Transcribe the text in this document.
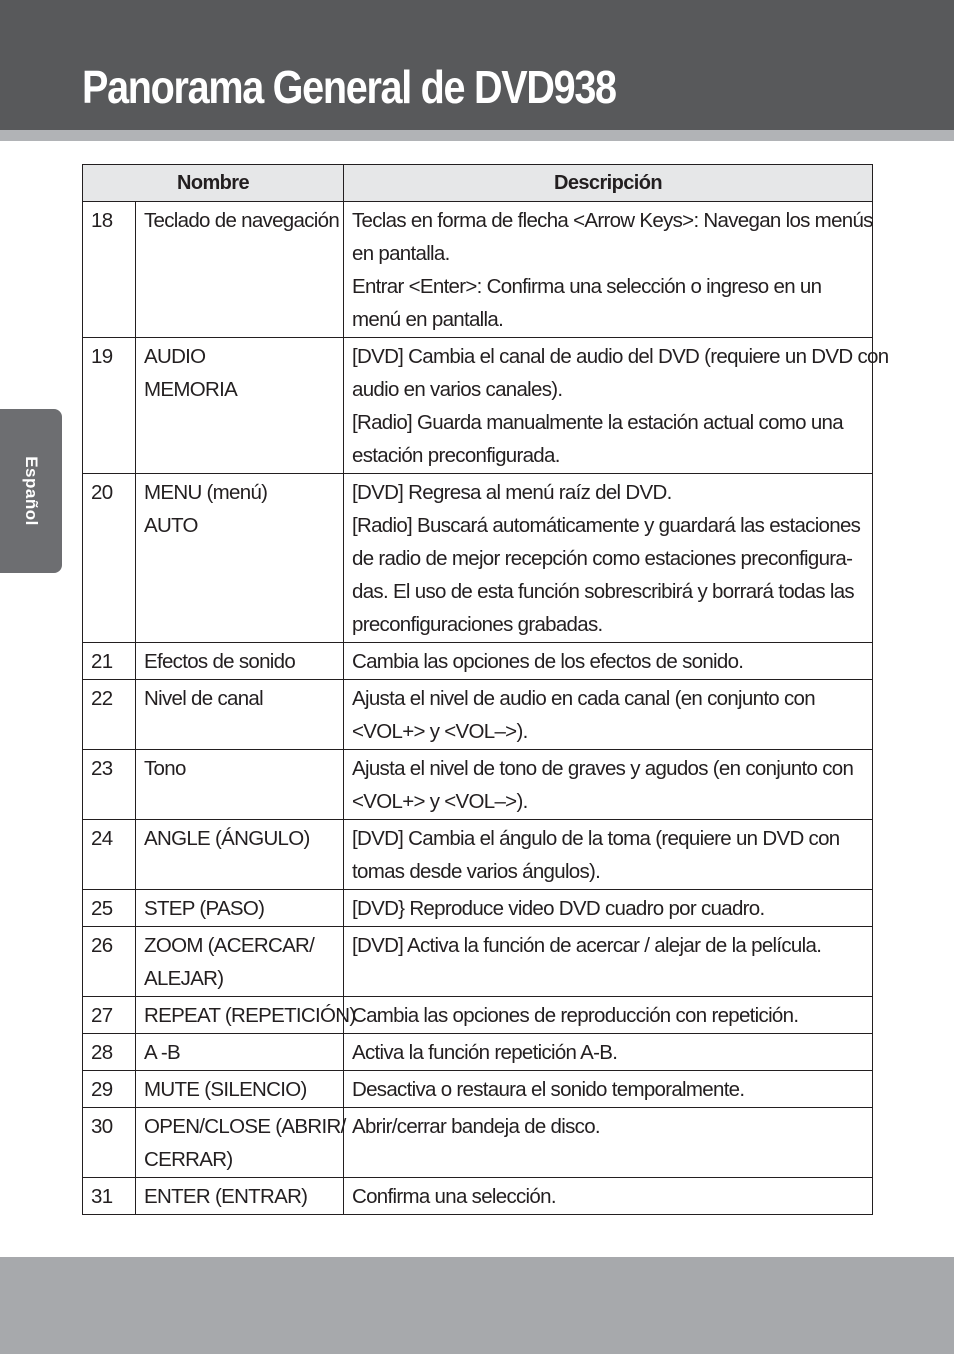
Panorama General de DVD938
Español
Nombre		Descripción
18	Teclado de navegación	Teclas en forma de flecha <Arrow Keys>: Navegan los menús
en pantalla.
Entrar <Enter>: Confirma una selección o ingreso en un
menú en pantalla.

19	AUDIO
MEMORIA	[DVD] Cambia el canal de audio del DVD (requiere un DVD con
audio en varios canales).
[Radio] Guarda manualmente la estación actual como una
estación preconfigurada.

20	MENU (menú)
AUTO	[DVD] Regresa al menú raíz del DVD.
[Radio] Buscará automáticamente y guardará las estaciones
de radio de mejor recepción como estaciones preconfigura-
das. El uso de esta función sobrescribirá y borrará todas las
preconfiguraciones grabadas.

21	Efectos de sonido	Cambia las opciones de los efectos de sonido.

22	Nivel de canal	Ajusta el nivel de audio en cada canal (en conjunto con
<VOL+> y <VOL–>).

23	Tono	Ajusta el nivel de tono de graves y agudos (en conjunto con
<VOL+> y <VOL–>).

24	ANGLE (ÁNGULO)	[DVD] Cambia el ángulo de la toma (requiere un DVD con
tomas desde varios ángulos).

25	STEP (PASO)	[DVD} Reproduce video DVD cuadro por cuadro.

26	ZOOM (ACERCAR/
ALEJAR)	[DVD] Activa la función de acercar / alejar de la película.

27	REPEAT (REPETICIÓN)	Cambia las opciones de reproducción con repetición.

28	A -B	Activa la función repetición A-B.

29	MUTE (SILENCIO)	Desactiva o restaura el sonido temporalmente.

30	OPEN/CLOSE (ABRIR/
CERRAR)	Abrir/cerrar bandeja de disco.

31	ENTER (ENTRAR)	Confirma una selección.
